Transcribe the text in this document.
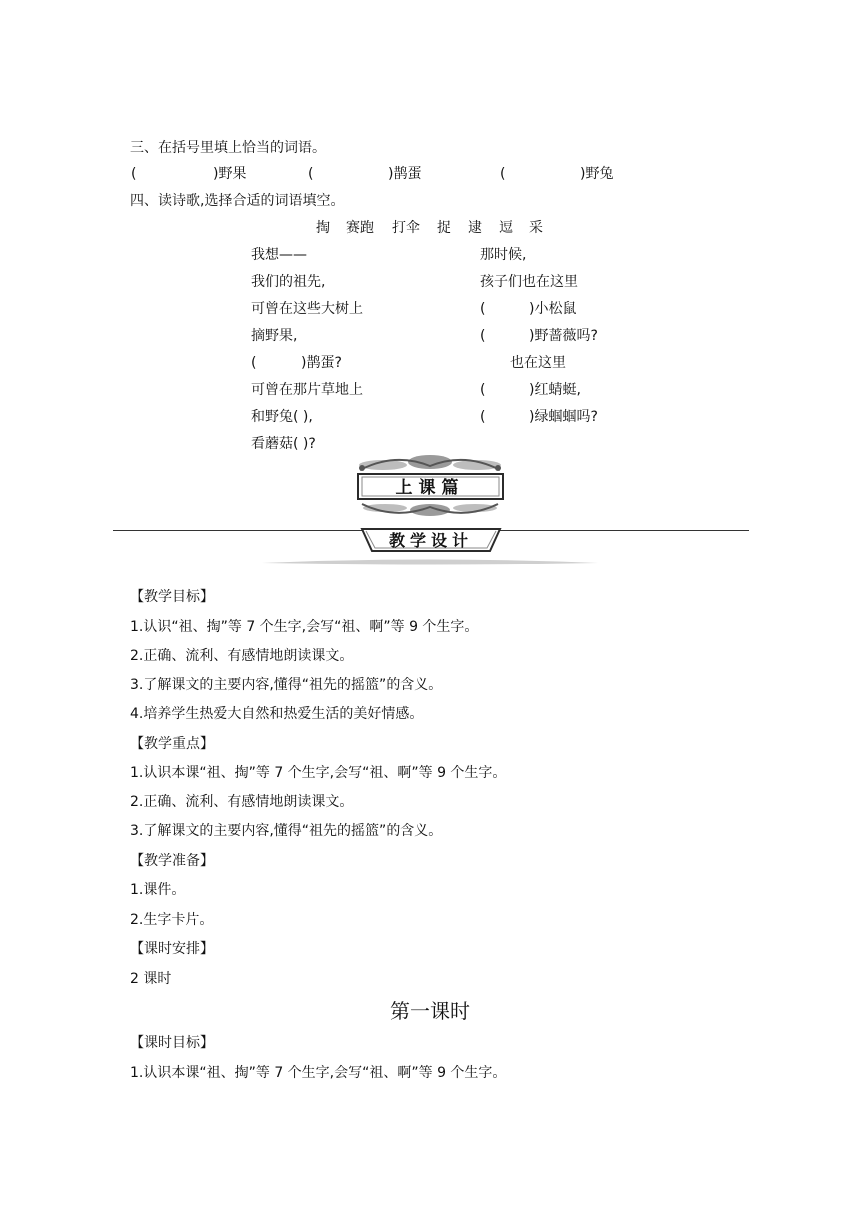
三、在括号里填上恰当的词语。
(	)野果	(	)鹊蛋	(	)野兔
四、读诗歌,选择合适的词语填空。
掏 赛跑 打伞 捉 逮 逗 采
我想——
我们的祖先,
可曾在这些大树上
摘野果,
(	)鹊蛋?
可曾在那片草地上
和野兔( ),
看蘑菇( )?
那时候,
孩子们也在这里
(	)小松鼠
(	)野蔷薇吗?
也在这里
(	)红蜻蜓,
(	)绿蝈蝈吗?
上课篇
教学设计
【教学目标】
1.认识“祖、掏”等 7 个生字,会写“祖、啊”等 9 个生字。
2.正确、流利、有感情地朗读课文。
3.了解课文的主要内容,懂得“祖先的摇篮”的含义。
4.培养学生热爱大自然和热爱生活的美好情感。
【教学重点】
1.认识本课“祖、掏”等 7 个生字,会写“祖、啊”等 9 个生字。
2.正确、流利、有感情地朗读课文。
3.了解课文的主要内容,懂得“祖先的摇篮”的含义。
【教学准备】
1.课件。
2.生字卡片。
【课时安排】
2 课时
第一课时
【课时目标】
1.认识本课“祖、掏”等 7 个生字,会写“祖、啊”等 9 个生字。
